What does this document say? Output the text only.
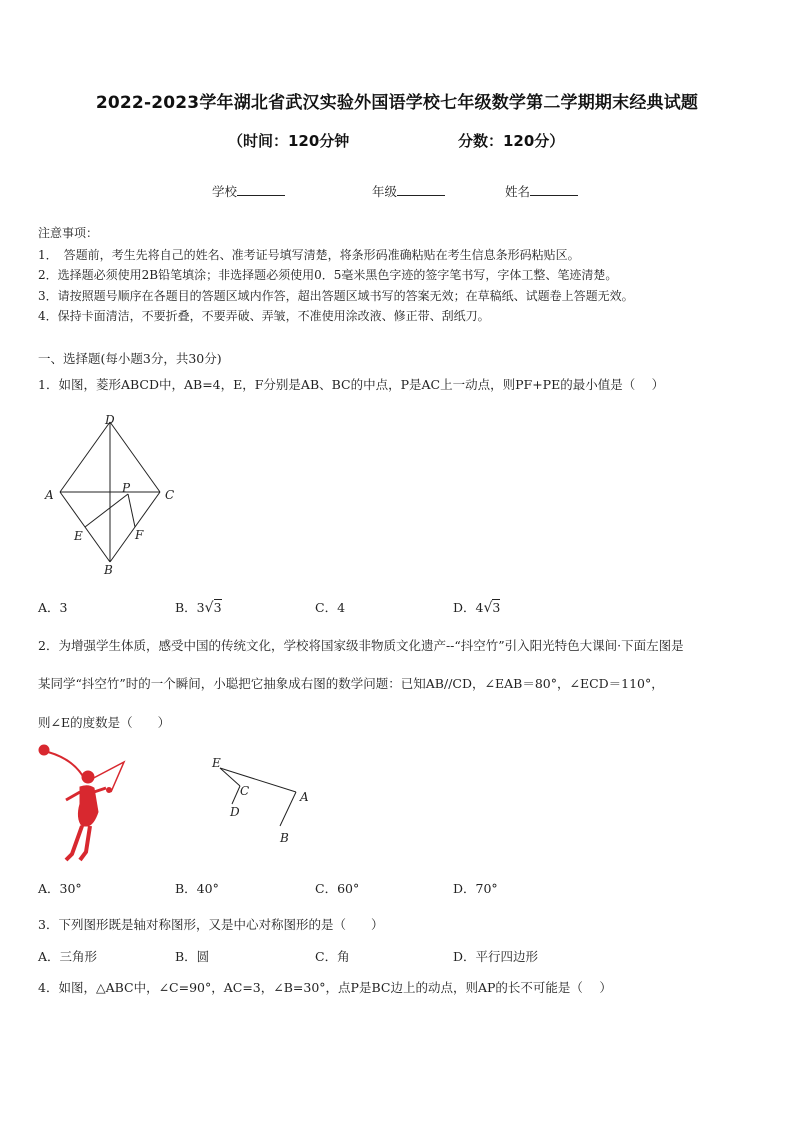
2022-2023学年湖北省武汉实验外国语学校七年级数学第二学期期末经典试题
（时间：120分钟	分数：120分）
学校	年级	姓名
注意事项：
1．　答题前，考生先将自己的姓名、准考证号填写清楚，将条形码准确粘贴在考生信息条形码粘贴区。
2．选择题必须使用2B铅笔填涂；非选择题必须使用0．5毫米黑色字迹的签字笔书写，字体工整、笔迹清楚。
3．请按照题号顺序在各题目的答题区域内作答，超出答题区域书写的答案无效；在草稿纸、试题卷上答题无效。
4．保持卡面清洁，不要折叠，不要弄破、弄皱，不准使用涂改液、修正带、刮纸刀。
一、选择题(每小题3分，共30分)
1．如图，菱形ABCD中，AB=4，E，F分别是AB、BC的中点，P是AC上一动点，则PF+PE的最小值是（　 ）
D
A	C
P
E	F
B
A．3	B．3√3	C．4	D．4√3
2．为增强学生体质，感受中国的传统文化，学校将国家级非物质文化遗产--“抖空竹”引入阳光特色大课间·下面左图是
某同学“抖空竹”时的一个瞬间，小聪把它抽象成右图的数学问题：已知AB//CD，∠EAB＝80°，∠ECD＝110°，
则∠E的度数是（　　）
E
C	A
D
B
A．30°	B．40°	C．60°	D．70°
3．下列图形既是轴对称图形，又是中心对称图形的是（　　）
A．三角形	B．圆	C．角	D．平行四边形
4．如图，△ABC中，∠C=90°，AC=3，∠B=30°，点P是BC边上的动点，则AP的长不可能是（　 ）
